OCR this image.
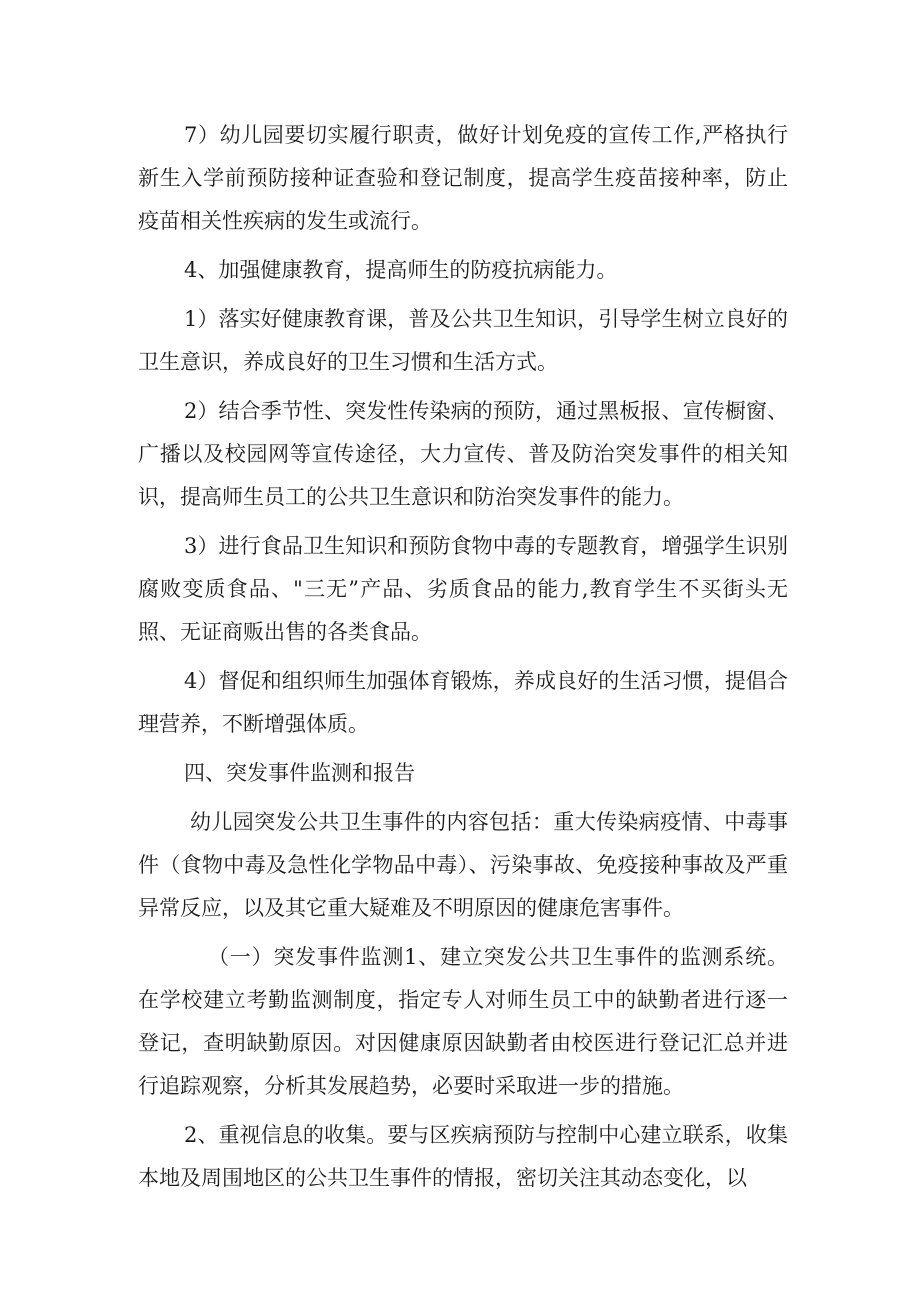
7）幼儿园要切实履行职责，做好计划免疫的宣传工作,严格执行新生入学前预防接种证查验和登记制度，提高学生疫苗接种率，防止疫苗相关性疾病的发生或流行。

4、加强健康教育，提高师生的防疫抗病能力。

1）落实好健康教育课，普及公共卫生知识，引导学生树立良好的卫生意识，养成良好的卫生习惯和生活方式。

2）结合季节性、突发性传染病的预防，通过黑板报、宣传橱窗、广播以及校园网等宣传途径，大力宣传、普及防治突发事件的相关知识，提高师生员工的公共卫生意识和防治突发事件的能力。

3）进行食品卫生知识和预防食物中毒的专题教育，增强学生识别腐败变质食品、"三无”产品、劣质食品的能力,教育学生不买街头无照、无证商贩出售的各类食品。

4）督促和组织师生加强体育锻炼，养成良好的生活习惯，提倡合理营养，不断增强体质。

四、突发事件监测和报告

幼儿园突发公共卫生事件的内容包括：重大传染病疫情、中毒事件（食物中毒及急性化学物品中毒）、污染事故、免疫接种事故及严重异常反应，以及其它重大疑难及不明原因的健康危害事件。

（一）突发事件监测1、建立突发公共卫生事件的监测系统。在学校建立考勤监测制度，指定专人对师生员工中的缺勤者进行逐一登记，查明缺勤原因。对因健康原因缺勤者由校医进行登记汇总并进行追踪观察，分析其发展趋势，必要时采取进一步的措施。

2、重视信息的收集。要与区疾病预防与控制中心建立联系，收集本地及周围地区的公共卫生事件的情报，密切关注其动态变化，以
